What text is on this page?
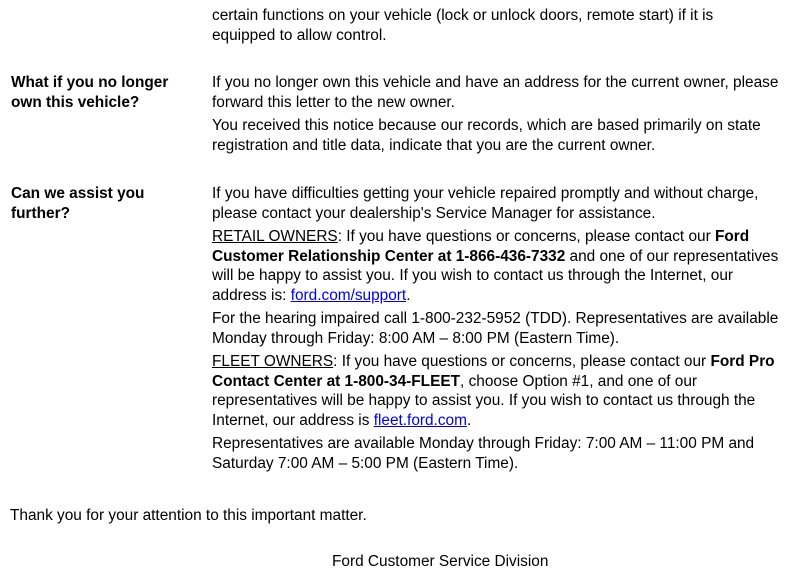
certain functions on your vehicle (lock or unlock doors, remote start) if it is
equipped to allow control.
What if you no longer own this vehicle?

If you no longer own this vehicle and have an address for the current owner, please forward this letter to the new owner.

You received this notice because our records, which are based primarily on state registration and title data, indicate that you are the current owner.

Can we assist you further?

If you have difficulties getting your vehicle repaired promptly and without charge, please contact your dealership's Service Manager for assistance.

RETAIL OWNERS: If you have questions or concerns, please contact our Ford Customer Relationship Center at 1-866-436-7332 and one of our representatives will be happy to assist you. If you wish to contact us through the Internet, our address is: ford.com/support.

For the hearing impaired call 1-800-232-5952 (TDD). Representatives are available Monday through Friday: 8:00 AM – 8:00 PM (Eastern Time).

FLEET OWNERS: If you have questions or concerns, please contact our Ford Pro Contact Center at 1-800-34-FLEET, choose Option #1, and one of our representatives will be happy to assist you. If you wish to contact us through the Internet, our address is fleet.ford.com.

Representatives are available Monday through Friday: 7:00 AM – 11:00 PM and Saturday 7:00 AM – 5:00 PM (Eastern Time).

Thank you for your attention to this important matter.
Ford Customer Service Division
